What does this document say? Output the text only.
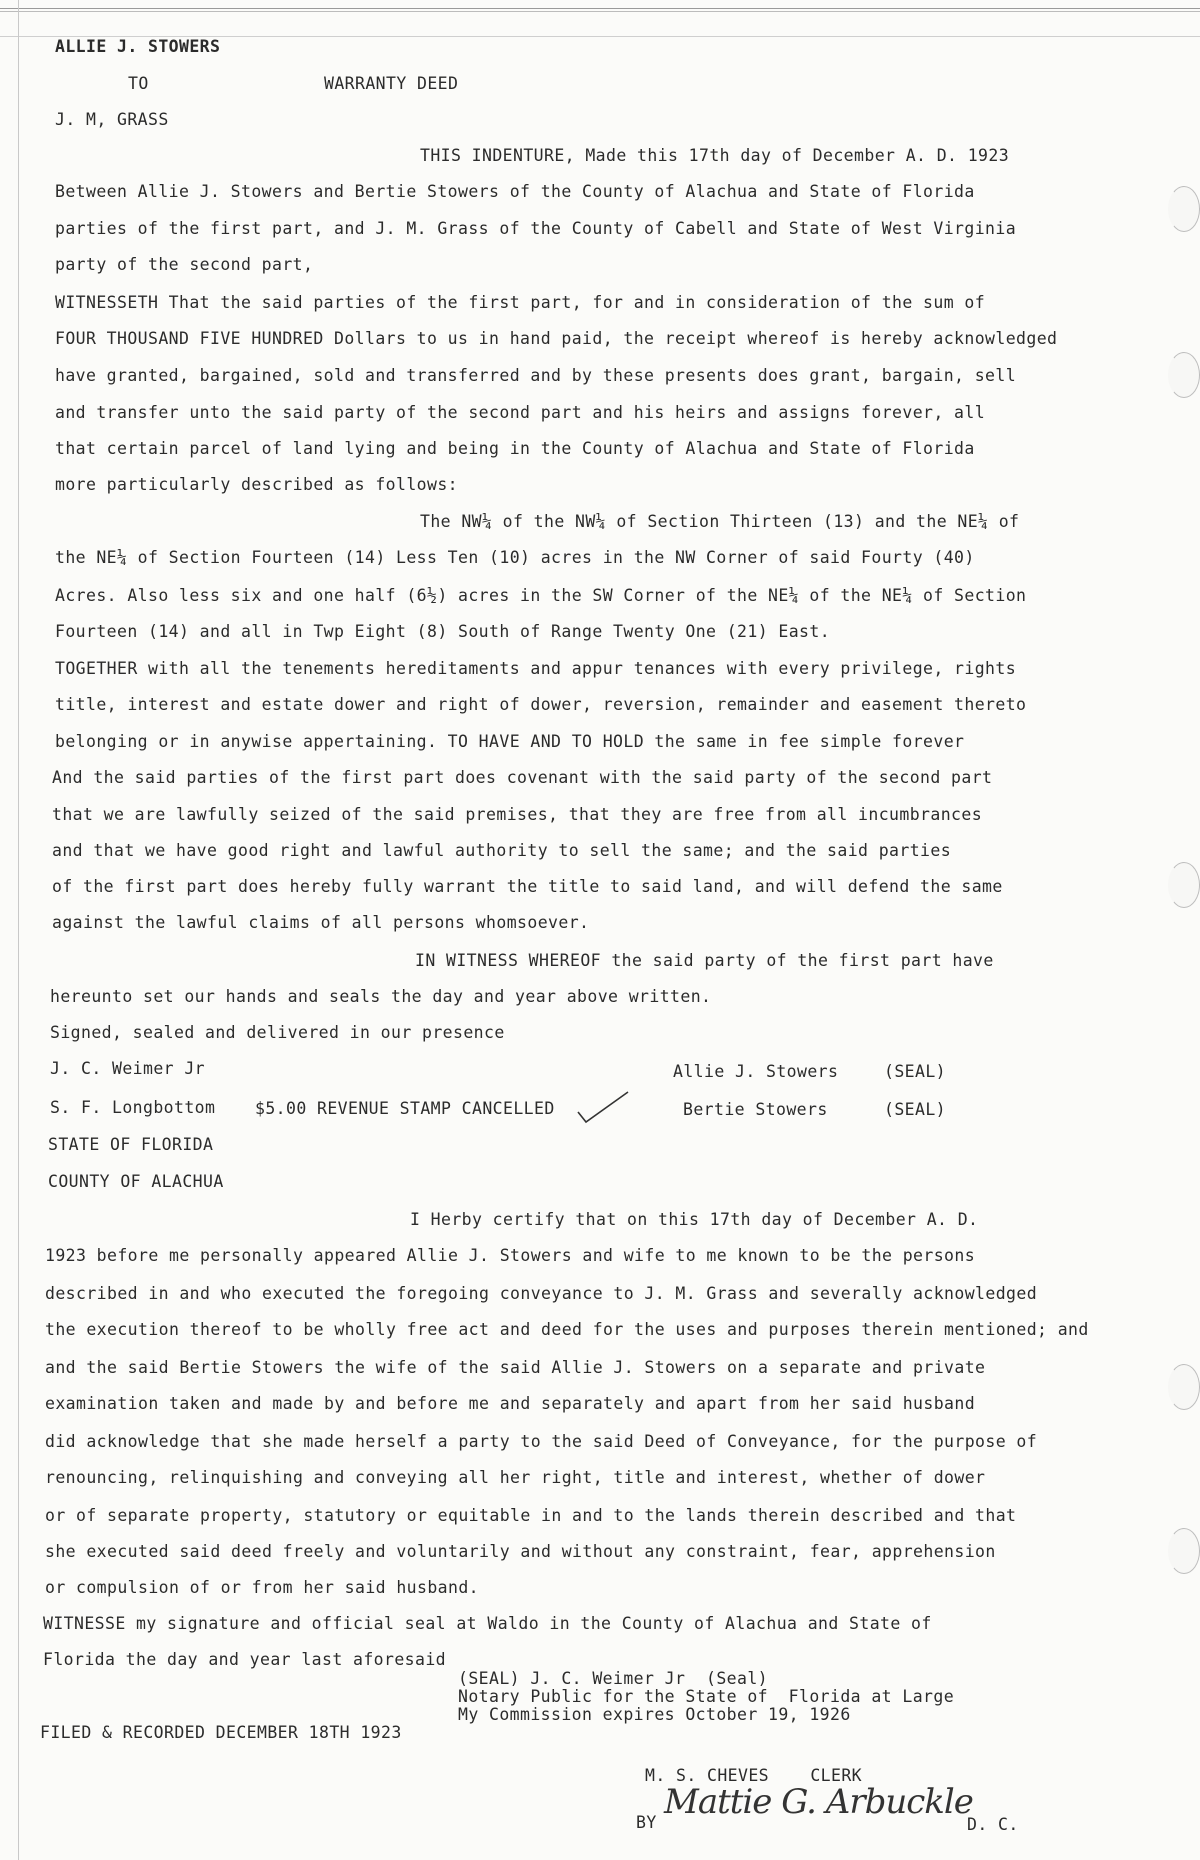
ALLIE J. STOWERS
TO	WARRANTY DEED
J. M, GRASS
THIS INDENTURE, Made this 17th day of December A. D. 1923
Between Allie J. Stowers and Bertie Stowers of the County of Alachua and State of Florida
parties of the first part, and J. M. Grass of the County of Cabell and State of West Virginia
party of the second part,
WITNESSETH That the said parties of the first part, for and in consideration of the sum of
FOUR THOUSAND FIVE HUNDRED Dollars to us in hand paid, the receipt whereof is hereby acknowledged
have granted, bargained, sold and transferred and by these presents does grant, bargain, sell
and transfer unto the said party of the second part and his heirs and assigns forever, all
that certain parcel of land lying and being in the County of Alachua and State of Florida
more particularly described as follows:
The NW¼ of the NW¼ of Section Thirteen (13) and the NE¼ of
the NE¼ of Section Fourteen (14) Less Ten (10) acres in the NW Corner of said Fourty (40)
Acres. Also less six and one half (6½) acres in the SW Corner of the NE¼ of the NE¼ of Section
Fourteen (14) and all in Twp Eight (8) South of Range Twenty One (21) East.
TOGETHER with all the tenements hereditaments and appur tenances with every privilege, rights
title, interest and estate dower and right of dower, reversion, remainder and easement thereto
belonging or in anywise appertaining. TO HAVE AND TO HOLD the same in fee simple forever
And the said parties of the first part does covenant with the said party of the second part
that we are lawfully seized of the said premises, that they are free from all incumbrances
and that we have good right and lawful authority to sell the same; and the said parties
of the first part does hereby fully warrant the title to said land, and will defend the same
against the lawful claims of all persons whomsoever.
IN WITNESS WHEREOF the said party of the first part have
hereunto set our hands and seals the day and year above written.
Signed, sealed and delivered in our presence
J. C. Weimer Jr	Allie J. Stowers	(SEAL)
S. F. Longbottom $5.00 REVENUE STAMP CANCELLED	Bertie Stowers	(SEAL)
STATE OF FLORIDA
COUNTY OF ALACHUA
I Herby certify that on this 17th day of December A. D.
1923 before me personally appeared Allie J. Stowers and wife to me known to be the persons
described in and who executed the foregoing conveyance to J. M. Grass and severally acknowledged
the execution thereof to be wholly free act and deed for the uses and purposes therein mentioned; and
and the said Bertie Stowers the wife of the said Allie J. Stowers on a separate and private
examination taken and made by and before me and separately and apart from her said husband
did acknowledge that she made herself a party to the said Deed of Conveyance, for the purpose of
renouncing, relinquishing and conveying all her right, title and interest, whether of dower
or of separate property, statutory or equitable in and to the lands therein described and that
she executed said deed freely and voluntarily and without any constraint, fear, apprehension
or compulsion of or from her said husband.
WITNESSE my signature and official seal at Waldo in the County of Alachua and State of
Florida the day and year last aforesaid
(SEAL) J. C. Weimer Jr  (Seal)
Notary Public for the State of  Florida at Large
My Commission expires October 19, 1926
FILED & RECORDED DECEMBER 18TH 1923
M. S. CHEVES    CLERK
BY
Mattie G. Arbuckle
D. C.
